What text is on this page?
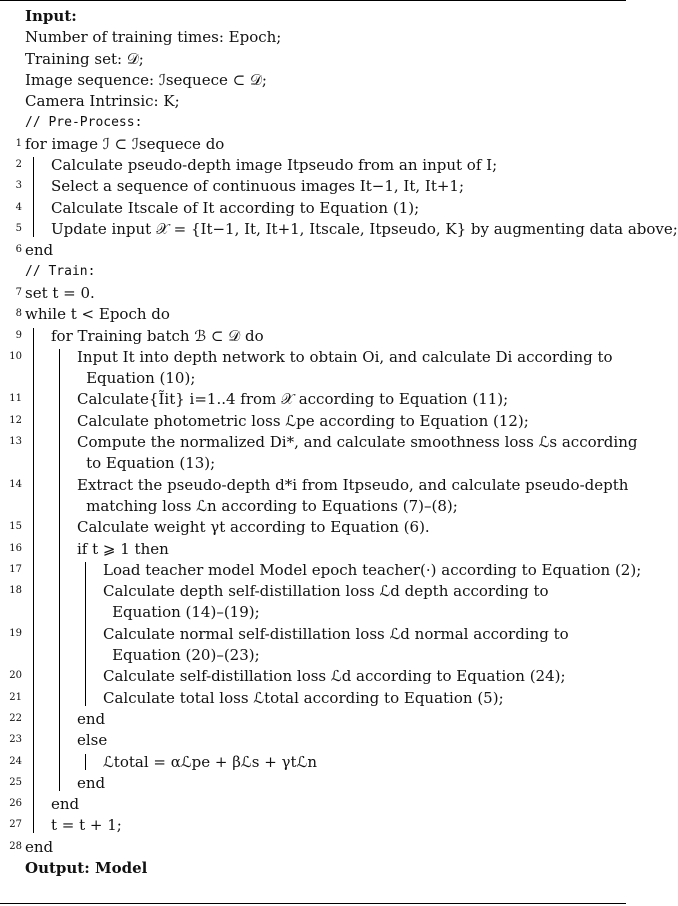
Input:
Number of training times: Epoch;
Training set: 𝒟;
Image sequence: ℐsequece ⊂ 𝒟;
Camera Intrinsic: K;
// Pre-Process:
1 for image ℐ ⊂ ℐsequece do
2 Calculate pseudo-depth image Itpseudo from an input of I;
3 Select a sequence of continuous images It−1, It, It+1;
4 Calculate Itscale of It according to Equation (1);
5 Update input 𝒳 = {It−1, It, It+1, Itscale, Itpseudo, K} by augmenting data above;
6 end
// Train:
7 set t = 0.
8 while t < Epoch do
9 for Training batch ℬ ⊂ 𝒟 do
10	Input It into depth network to obtain Oi, and calculate Di according to
Equation (10);
11	Calculate{Ĩit} i=1..4 from 𝒳 according to Equation (11);
12	Calculate photometric loss ℒpe according to Equation (12);
13	Compute the normalized Di*, and calculate smoothness loss ℒs according
to Equation (13);
14	Extract the pseudo-depth d*i from Itpseudo, and calculate pseudo-depth
matching loss ℒn according to Equations (7)–(8);
15	Calculate weight γt according to Equation (6).
16	if t ⩾ 1 then
17	Load teacher model Model epoch teacher(·) according to Equation (2);
18	Calculate depth self-distillation loss ℒd depth according to
Equation (14)–(19);
19	Calculate normal self-distillation loss ℒd normal according to
Equation (20)–(23);
20	Calculate self-distillation loss ℒd according to Equation (24);
21	Calculate total loss ℒtotal according to Equation (5);
22	end
23	else
24	ℒtotal = αℒpe + βℒs + γtℒn
25	end
26 end
27 t = t + 1;
28 end
Output: Model
